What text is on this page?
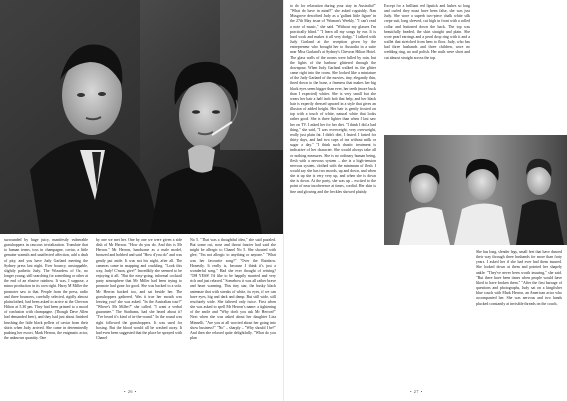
surrounded by huge juicy, manifestly vulnerable grasshoppers in raucous trivialization. Translate that to human terms, toss in champagne, caviar, a little genuine warmth and unaffected affection, add a dash of pity, and you have Judy Garland meeting the Sydney press last night. Ever bouncy, unstoppable, slightly pathetic Judy. The Wizardess of Oz, no longer young, still searching for something or other at the end of an elusive rainbow. It was, I suppose, a minor production in its own right. Harry M Miller the promoter saw to that. People from the press, radio and three bouncers, carefully selected, rigidly almost plainclothed, had been asked to arrive at the Chevron Hilton at 5.30 pm. They had been primed to a mood of confusion with champagne. (Though Dave Allen had demanded beer), and they had just about finished brushing the little black pellets of caviar from their shirts when Judy arrived. She came in determinedly pushing her escort, Mark Herron, the enigmatic actor, the unknown quantity. One

by one we met her. One by one we were given a side dish of Mr Herron. "How do you do. And this is Mr Herron." Mr Herron, handsome as a male model, bronzed and bobbed and said "How d'you do" and was gently put aside. It was not his night, after all. The cameras came in snapping and crackling. "Look this way, Judy! C'mon, give!" Incredibly she seemed to be enjoying it all. "But the easy-going, informal cocktail party atmosphere that Mr Miller had been trying to promote had gone for good. She was backed to a sofa. Mr Herron backed too, and sat beside her. The grasshoppers gathered. Was it true her mouth was leaving you? she was asked. "In the Australian tour?" "Where's Mr Miller?" she called. "I want a verbal guarantee." The Stadiums, had she heard about it? "I've heard it's kind of in-the-round." In the round was right followed the grasshoppers. It was used for boxing. But the blood would all be washed away. It had even been suggested that the place be sprayed with Chanel

No 5. "That was a thoughtful idea," she said puzzled. But some cut, nose and throat fancier had said she might be allergic to Chanel No 5. She shouted with glee, "I'm not allergic to anything or anyone." "What was her favourite song?" "Over the Rainbow. Honestly. It really is, because I think it's just a wonderful song." Had she ever thought of retiring? "OH YESS! I'd like to be happily married and very rich and just relaxed." Somehow it was all rather brave and heart warming. This tiny star, the husky black antennae that with streaks of white, its eyes, if we can have eyes, big and dark and damp. But still wide, still resolutely wide. She faltered only twice. First when she was asked to spell Mr Herron's name: a tightening of the smile and "Why don't you ask Mr Herron?" Next when she was asked about her daughter Liza Minnelli. "Are you at all worried about her going into show business?" "No" – sharply – "Why should I be?" And then she relaxed quite delightfully. "What do you plan

• 26 •

to do for relaxation during your stay in Australia?" "What do have in mind?" she asked roguishly. Nan Musgrove described Judy as a 'gallant little figure' in the 27th May issue of 'Woman's Weekly.' "I can't read a note of music," she said. "Without my glasses I'm practically blind." "I learn all my songs by ear. It is hard work and makes it all very dodgy." I talked with Judy Garland at the reception given by the entrepreneur who brought her to Australia in a suite near Miss Garland's at Sydney's Chevron Hilton Hotel. The glass walls of the rooms were lulled by rain, but the lights of the harbour glittered through the downpour. When Judy Garland walked in, the glitter came right into the room. She looked like a miniature of the Judy Garland of the movies, tiny, elegantly thin, fined down to the bone, a fineness that makes her big black eyes seem bigger than ever, her teeth (more buck than I expected) whiter. She is very small but she wears her hair a half inch bob that help, and her black hair is expertly dressed upward in a style that gives an illusion of added height. Her hair is gently frosted on top with a touch of white, natural white that looks rather good. She is three lighter than when I last saw her on TV. I asked her for her diet. "I think I did a bad thing," she said, "I was overweight, very overweight, really just plain fat. I didn't diet, I fasted. I fasted for thirty days, and had two cups of tea without milk or sugar a day." "I think such drastic treatment is indicative of her character. She would always take all or nothing measures. She is no ordinary human being, flesh with a nervous system – she is a high-tension nervous system, clothed with the minimum of flesh. I would say she has two moods, up and down, and when she is up she is very very up, and when she is down she is down. At the party, she was up – excited to the point of near incoherence at times, cordial. Her skin is fine and glowing and the freckles showed plainly.

Except for a brilliant red lipstick and lashes so long and curled they must have been false, she was just Judy. She wore a superb two-piece chalk white silk crepe suit, long sleeved, cut high in front with a rolled collar and buttoned down the back. The top was beautifully beaded, the skirt straight and plain. She wore pearl earrings and a pearl drop ring with it and a wallet that stretched from hem to floor. Judy, who has had three husbands and three children, wore no wedding ring, no nail polish. Her nails were short and cut almost straight across the top.

She has long, slender legs, small feet that have danced their way through three husbands for more than forty years. I asked her if she had ever had them insured. She looked down at them and pointed her shapely ankle: "They've never been worth insuring," she said. "But there have been times when people would have liked to have broken them." "After the first barrage of questions and photographs, Judy sat on a kingfisher blue couch with Mark Herron, an American actor who accompanied her. She was nervous and two hands plucked constantly at invisible threads on the couch,

• 27 •
